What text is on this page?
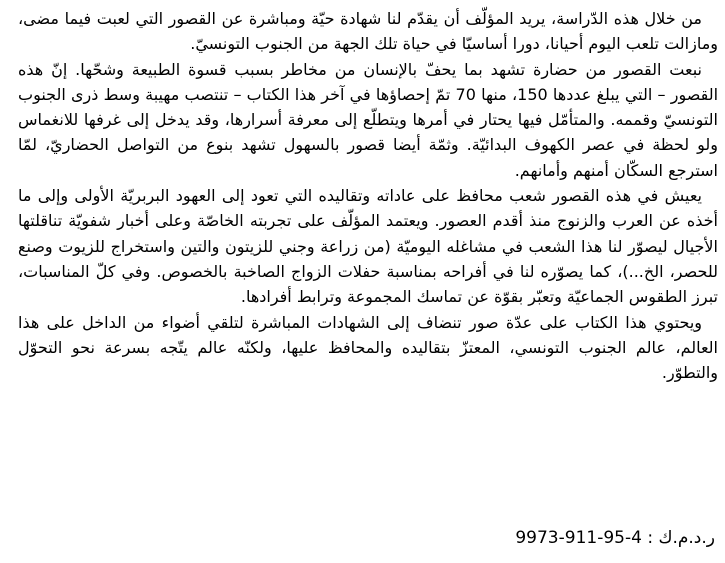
من خلال هذه الدّراسة، يريد المؤلّف أن يقدّم لنا شهادة حيّة ومباشرة عن القصور التي لعبت فيما مضى، ومازالت تلعب اليوم أحيانا، دورا أساسيّا في حياة تلك الجهة من الجنوب التونسيّ.

نبعت القصور من حضارة تشهد بما يحفّ بالإنسان من مخاطر بسبب قسوة الطبيعة وشحّها. إنّ هذه القصور – التي يبلغ عددها 150، منها 70 تمّ إحصاؤها في آخر هذا الكتاب – تنتصب مهيبة وسط ذرى الجنوب التونسيّ وقممه. والمتأمّل فيها يحتار في أمرها ويتطلّع إلى معرفة أسرارها، وقد يدخل إلى غرفها للانغماس ولو لحظة في عصر الكهوف البدائيّة. وثمّة أيضا قصور بالسهول تشهد بنوع من التواصل الحضاريّ، لمّا استرجع السكّان أمنهم وأمانهم.

يعيش في هذه القصور شعب محافظ على عاداته وتقاليده التي تعود إلى العهود البربريّة الأولى وإلى ما أخذه عن العرب والزنوج منذ أقدم العصور. ويعتمد المؤلّف على تجربته الخاصّة وعلى أخبار شفويّة تناقلتها الأجيال ليصوّر لنا هذا الشعب في مشاغله اليوميّة (من زراعة وجني للزيتون والتين واستخراج للزيوت وصنع للحصر، الخ...)، كما يصوّره لنا في أفراحه بمناسبة حفلات الزواج الصاخبة بالخصوص. وفي كلّ المناسبات، تبرز الطقوس الجماعيّة وتعبّر بقوّة عن تماسك المجموعة وترابط أفرادها.

ويحتوي هذا الكتاب على عدّة صور تنضاف إلى الشهادات المباشرة لتلقي أضواء من الداخل على هذا العالم، عالم الجنوب التونسي، المعتزّ بتقاليده والمحافظ عليها، ولكنّه عالم يتّجه بسرعة نحو التحوّل والتطوّر.

ر.د.م.ك : 9973-911-95-4
